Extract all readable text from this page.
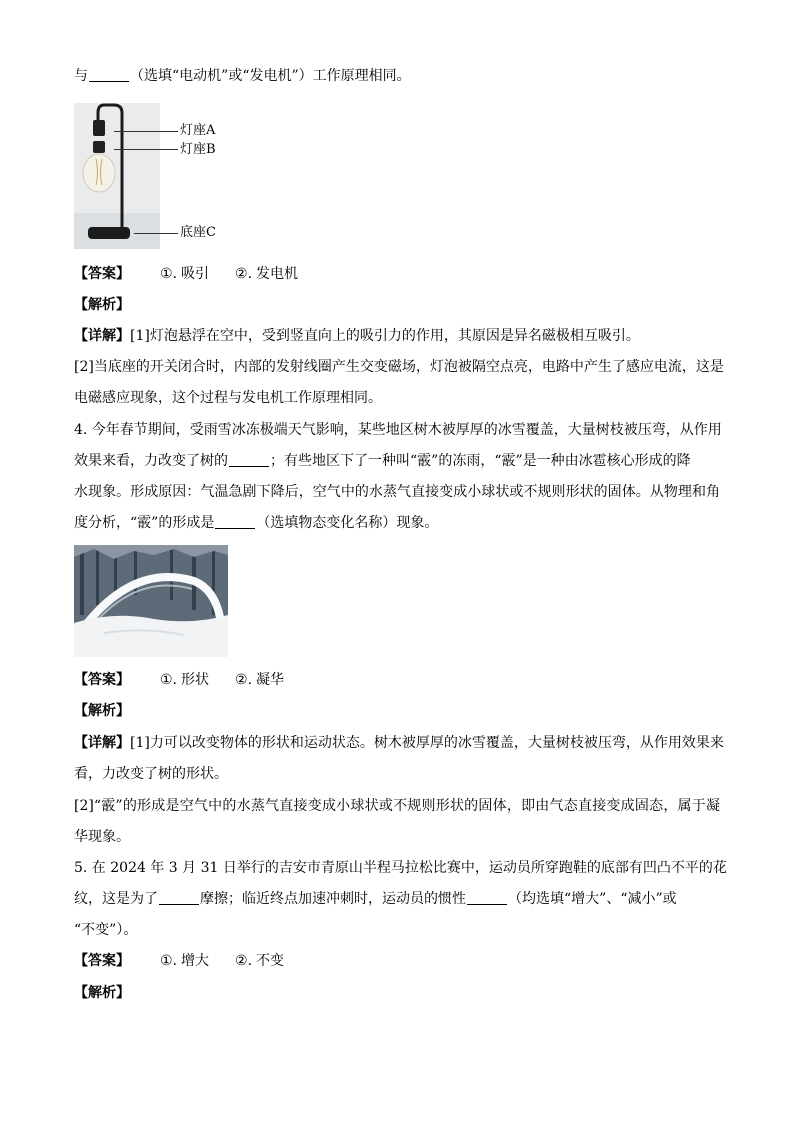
与	（选填“电动机”或“发电机”）工作原理相同。
灯座A
灯座B
底座C
【答案】 ①. 吸引 ②. 发电机
【解析】
【详解】[1]灯泡悬浮在空中，受到竖直向上的吸引力的作用，其原因是异名磁极相互吸引。
[2]当底座的开关闭合时，内部的发射线圈产生交变磁场，灯泡被隔空点亮，电路中产生了感应电流，这是
电磁感应现象，这个过程与发电机工作原理相同。
4. 今年春节期间，受雨雪冰冻极端天气影响，某些地区树木被厚厚的冰雪覆盖，大量树枝被压弯，从作用
效果来看，力改变了树的	；有些地区下了一种叫“霰”的冻雨，“霰”是一种由冰雹核心形成的降
水现象。形成原因：气温急剧下降后，空气中的水蒸气直接变成小球状或不规则形状的固体。从物理和角
度分析，“霰”的形成是	（选填物态变化名称）现象。
【答案】 ①. 形状 ②. 凝华
【解析】
【详解】[1]力可以改变物体的形状和运动状态。树木被厚厚的冰雪覆盖，大量树枝被压弯，从作用效果来
看，力改变了树的形状。
[2]“霰”的形成是空气中的水蒸气直接变成小球状或不规则形状的固体，即由气态直接变成固态，属于凝
华现象。
5. 在 2024 年 3 月 31 日举行的吉安市青原山半程马拉松比赛中，运动员所穿跑鞋的底部有凹凸不平的花
纹，这是为了	摩擦；临近终点加速冲刺时，运动员的惯性	（均选填“增大”、“减小”或
“不变”）。
【答案】 ①. 增大 ②. 不变
【解析】
